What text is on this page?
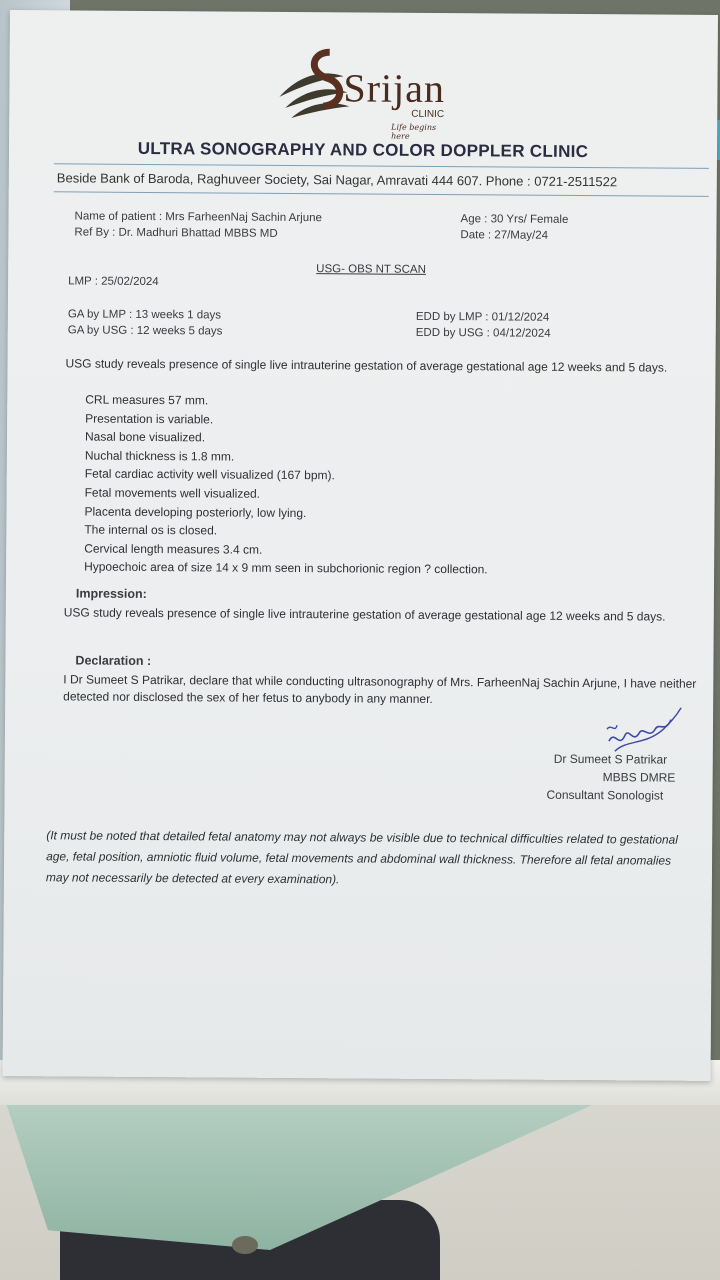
Srijan
CLINIC
Life begins here
ULTRA SONOGRAPHY AND COLOR DOPPLER CLINIC
Beside Bank of Baroda, Raghuveer Society, Sai Nagar, Amravati 444 607. Phone : 0721-2511522
Name of patient : Mrs FarheenNaj Sachin Arjune
Ref By : Dr. Madhuri Bhattad MBBS MD
Age : 30 Yrs/ Female
Date : 27/May/24
USG- OBS NT SCAN
LMP : 25/02/2024
GA by LMP : 13 weeks 1 days
GA by USG : 12 weeks 5 days
EDD by LMP : 01/12/2024
EDD by USG : 04/12/2024
USG study reveals presence of single live intrauterine gestation of average gestational age 12 weeks and 5 days.
CRL measures 57 mm.
Presentation is variable.
Nasal bone visualized.
Nuchal thickness is 1.8 mm.
Fetal cardiac activity well visualized (167 bpm).
Fetal movements well visualized.
Placenta developing posteriorly, low lying.
The internal os is closed.
Cervical length measures 3.4 cm.
Hypoechoic area of size 14 x 9 mm seen in subchorionic region ? collection.
Impression:
USG study reveals presence of single live intrauterine gestation of average gestational age 12 weeks and 5 days.
Declaration :
I Dr Sumeet S Patrikar, declare that while conducting ultrasonography of Mrs. FarheenNaj Sachin Arjune, I have neither detected nor disclosed the sex of her fetus to anybody in any manner.
Dr Sumeet S Patrikar
MBBS DMRE
Consultant Sonologist
(It must be noted that detailed fetal anatomy may not always be visible due to technical difficulties related to gestational age, fetal position, amniotic fluid volume, fetal movements and abdominal wall thickness. Therefore all fetal anomalies may not necessarily be detected at every examination).
